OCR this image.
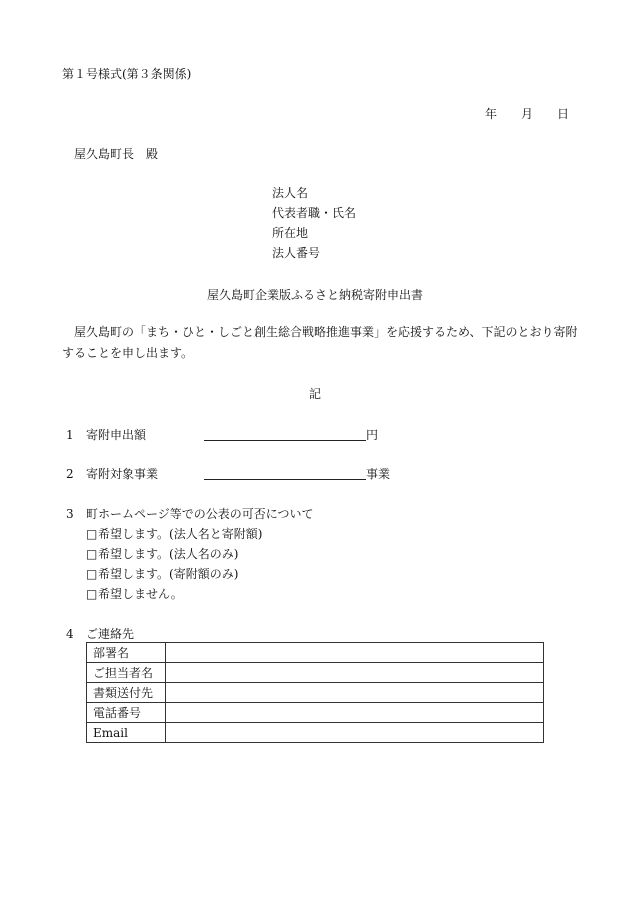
第１号様式(第３条関係)
年 月 日
屋久島町長　殿
法人名
代表者職・氏名
所在地
法人番号
屋久島町企業版ふるさと納税寄附申出書
屋久島町の「まち・ひと・しごと創生総合戦略推進事業」を応援するため、下記のとおり寄附
することを申し出ます。
記
1 寄附申出額	円
2 寄附対象事業	事業
3 町ホームページ等での公表の可否について
□希望します。(法人名と寄附額)
□希望します。(法人名のみ)
□希望します。(寄附額のみ)
□希望しません。
4 ご連絡先
部署名	
ご担当者名	
書類送付先	
電話番号	
Email	
